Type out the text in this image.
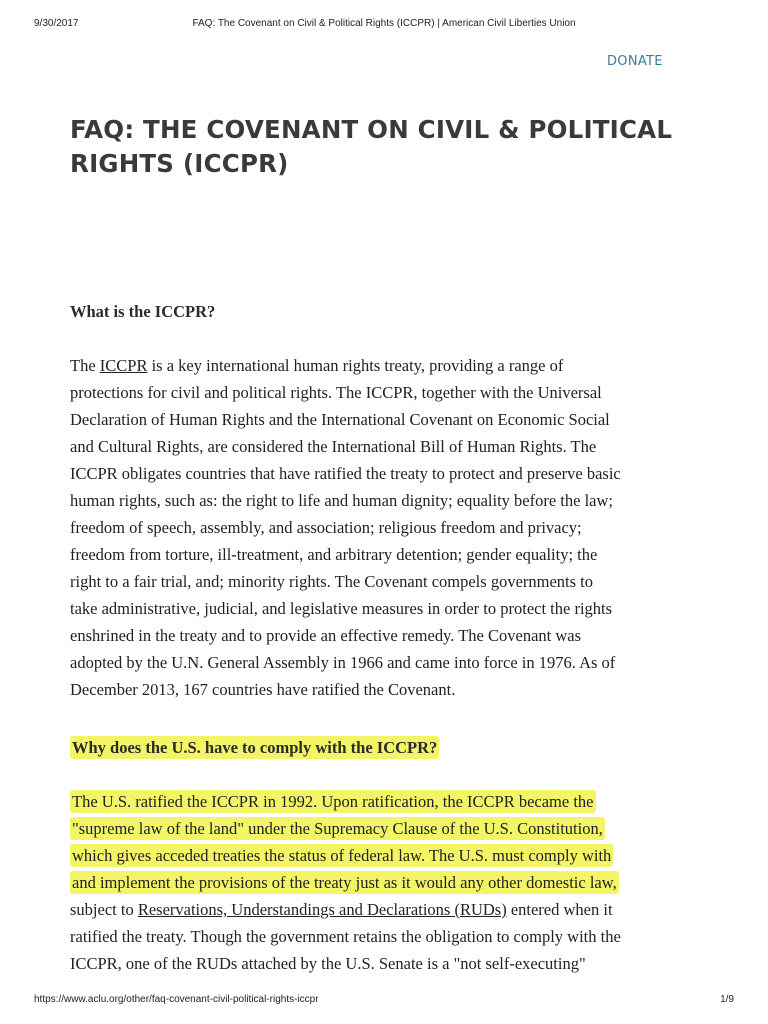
9/30/2017	FAQ: The Covenant on Civil & Political Rights (ICCPR) | American Civil Liberties Union
DONATE
FAQ: THE COVENANT ON CIVIL & POLITICAL RIGHTS (ICCPR)
What is the ICCPR?
The ICCPR is a key international human rights treaty, providing a range of
protections for civil and political rights. The ICCPR, together with the Universal
Declaration of Human Rights and the International Covenant on Economic Social
and Cultural Rights, are considered the International Bill of Human Rights. The
ICCPR obligates countries that have ratified the treaty to protect and preserve basic
human rights, such as: the right to life and human dignity; equality before the law;
freedom of speech, assembly, and association; religious freedom and privacy;
freedom from torture, ill-treatment, and arbitrary detention; gender equality; the
right to a fair trial, and; minority rights. The Covenant compels governments to
take administrative, judicial, and legislative measures in order to protect the rights
enshrined in the treaty and to provide an effective remedy. The Covenant was
adopted by the U.N. General Assembly in 1966 and came into force in 1976. As of
December 2013, 167 countries have ratified the Covenant.
Why does the U.S. have to comply with the ICCPR?
The U.S. ratified the ICCPR in 1992. Upon ratification, the ICCPR became the
"supreme law of the land" under the Supremacy Clause of the U.S. Constitution,
which gives acceded treaties the status of federal law. The U.S. must comply with
and implement the provisions of the treaty just as it would any other domestic law,
subject to Reservations, Understandings and Declarations (RUDs) entered when it
ratified the treaty. Though the government retains the obligation to comply with the
ICCPR, one of the RUDs attached by the U.S. Senate is a "not self-executing"
https://www.aclu.org/other/faq-covenant-civil-political-rights-iccpr	1/9
